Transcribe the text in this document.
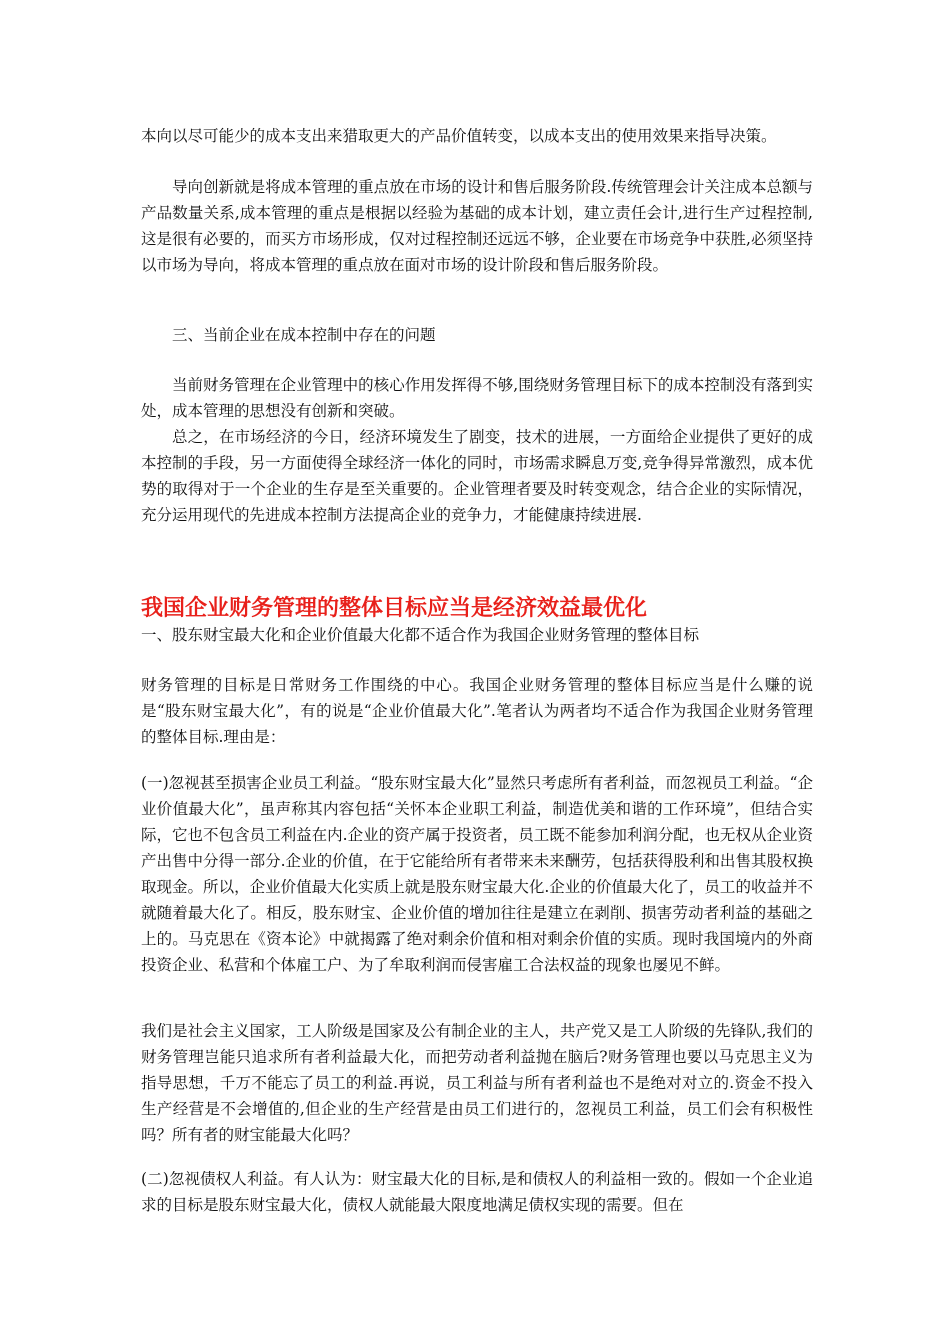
本向以尽可能少的成本支出来猎取更大的产品价值转变，以成本支出的使用效果来指导决策。

导向创新就是将成本管理的重点放在市场的设计和售后服务阶段.传统管理会计关注成本总额与产品数量关系,成本管理的重点是根据以经验为基础的成本计划，建立责任会计,进行生产过程控制,这是很有必要的，而买方市场形成，仅对过程控制还远远不够，企业要在市场竞争中获胜,必须坚持以市场为导向，将成本管理的重点放在面对市场的设计阶段和售后服务阶段。

三、当前企业在成本控制中存在的问题

当前财务管理在企业管理中的核心作用发挥得不够,围绕财务管理目标下的成本控制没有落到实处，成本管理的思想没有创新和突破。

总之，在市场经济的今日，经济环境发生了剧变，技术的进展，一方面给企业提供了更好的成本控制的手段，另一方面使得全球经济一体化的同时，市场需求瞬息万变,竞争得异常激烈，成本优势的取得对于一个企业的生存是至关重要的。企业管理者要及时转变观念，结合企业的实际情况，充分运用现代的先进成本控制方法提高企业的竞争力，才能健康持续进展.

我国企业财务管理的整体目标应当是经济效益最优化

一、股东财宝最大化和企业价值最大化都不适合作为我国企业财务管理的整体目标

财务管理的目标是日常财务工作围绕的中心。我国企业财务管理的整体目标应当是什么赚的说是“股东财宝最大化”，有的说是“企业价值最大化”.笔者认为两者均不适合作为我国企业财务管理的整体目标.理由是：

(一)忽视甚至损害企业员工利益。“股东财宝最大化”显然只考虑所有者利益，而忽视员工利益。“企业价值最大化”，虽声称其内容包括“关怀本企业职工利益，制造优美和谐的工作环境”，但结合实际，它也不包含员工利益在内.企业的资产属于投资者，员工既不能参加利润分配，也无权从企业资产出售中分得一部分.企业的价值，在于它能给所有者带来未来酬劳，包括获得股利和出售其股权换取现金。所以，企业价值最大化实质上就是股东财宝最大化.企业的价值最大化了，员工的收益并不就随着最大化了。相反，股东财宝、企业价值的增加往往是建立在剥削、损害劳动者利益的基础之上的。马克思在《资本论》中就揭露了绝对剩余价值和相对剩余价值的实质。现时我国境内的外商投资企业、私营和个体雇工户、为了牟取利润而侵害雇工合法权益的现象也屡见不鲜。

我们是社会主义国家，工人阶级是国家及公有制企业的主人，共产党又是工人阶级的先锋队,我们的财务管理岂能只追求所有者利益最大化，而把劳动者利益抛在脑后?财务管理也要以马克思主义为指导思想，千万不能忘了员工的利益.再说，员工利益与所有者利益也不是绝对对立的.资金不投入生产经营是不会增值的,但企业的生产经营是由员工们进行的，忽视员工利益，员工们会有积极性吗？所有者的财宝能最大化吗？

(二)忽视债权人利益。有人认为：财宝最大化的目标,是和债权人的利益相一致的。假如一个企业追求的目标是股东财宝最大化，债权人就能最大限度地满足债权实现的需要。但在
